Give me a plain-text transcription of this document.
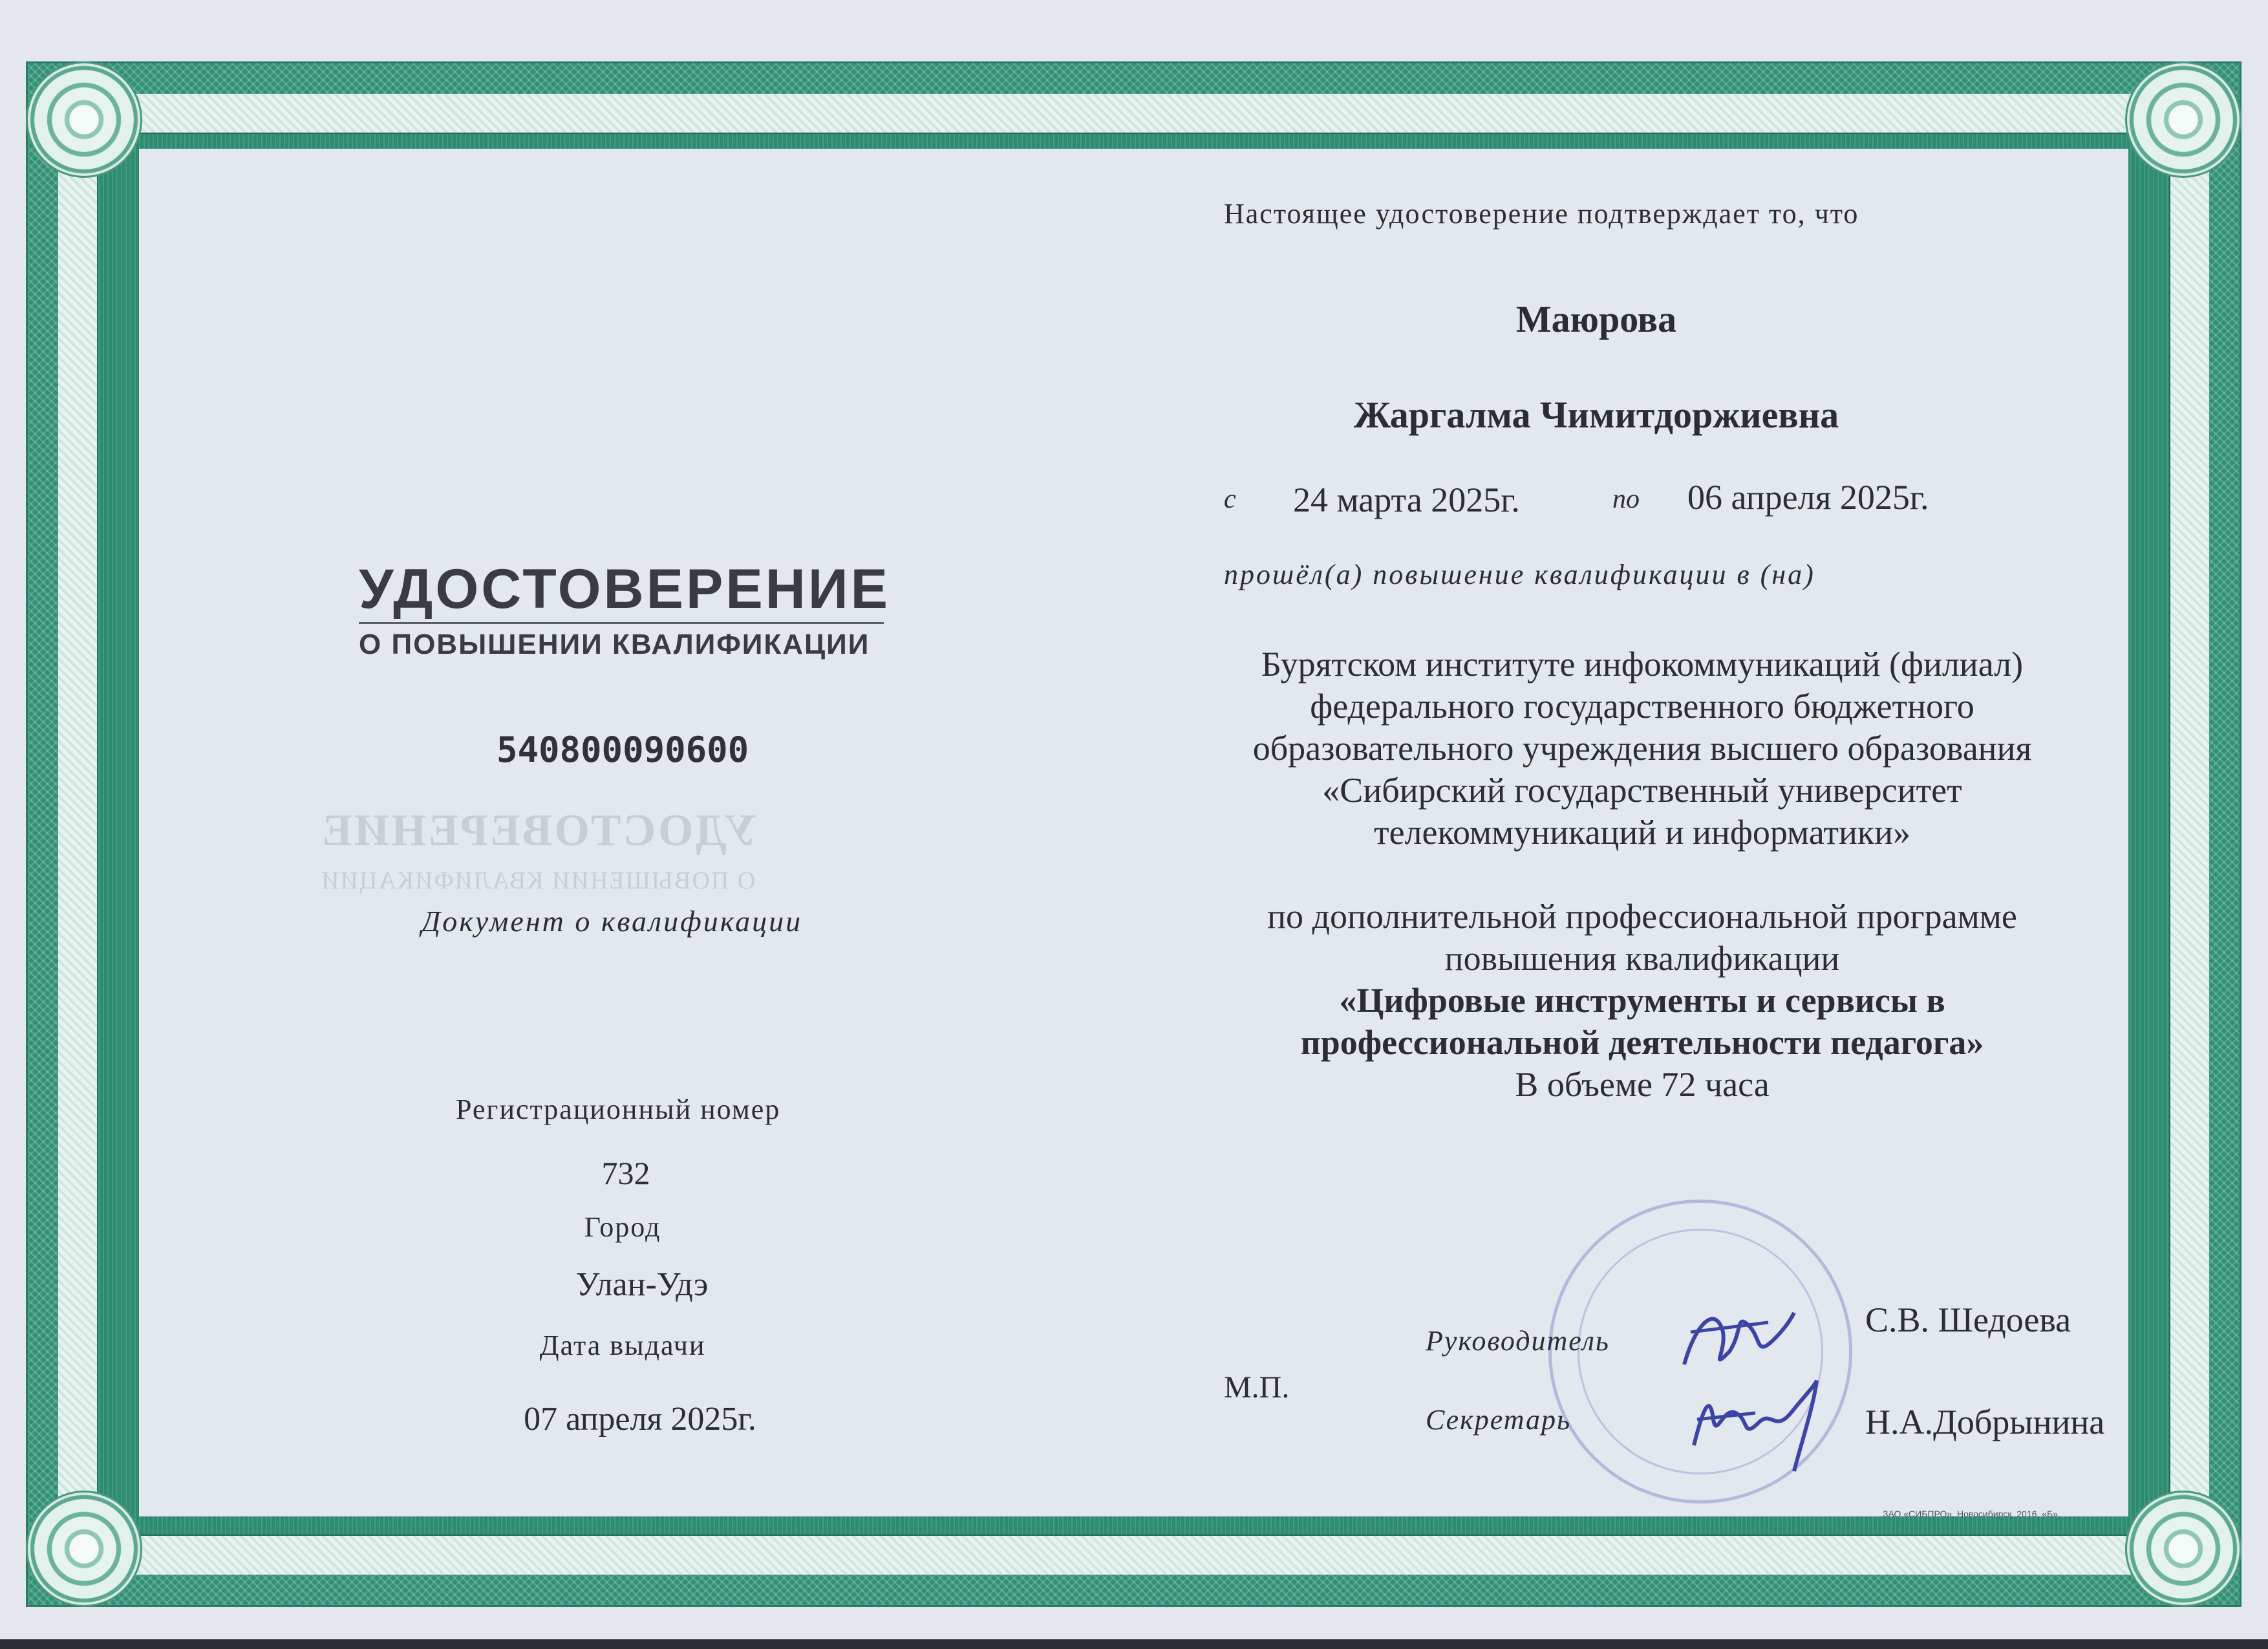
УДОСТОВЕРЕНИЕ
О ПОВЫШЕНИИ КВАЛИФИКАЦИИ
540800090600
УДОСТОВЕРЕНИЕ
О ПОВЫШЕНИИ КВАЛИФИКАЦИИ
Документ о квалификации
Регистрационный номер
732
Город
Улан-Удэ
Дата выдачи
07 апреля 2025г.
Настоящее удостоверение подтверждает то, что
Маюрова
Жаргалма Чимитдоржиевна
с 24 марта 2025г.	по 06 апреля 2025г.
прошёл(а) повышение квалификации в (на)
Бурятском институте инфокоммуникаций (филиал)
федерального государственного бюджетного
образовательного учреждения высшего образования
«Сибирский государственный университет
телекоммуникаций и информатики»
по дополнительной профессиональной программе
повышения квалификации
«Цифровые инструменты и сервисы в
профессиональной деятельности педагога»
В объеме 72 часа
М.П.
Руководитель
С.В. Шедоева
Секретарь	Н.А.Добрынина
ЗАО «СИБПРО», Новосибирск, 2016, «Б».
